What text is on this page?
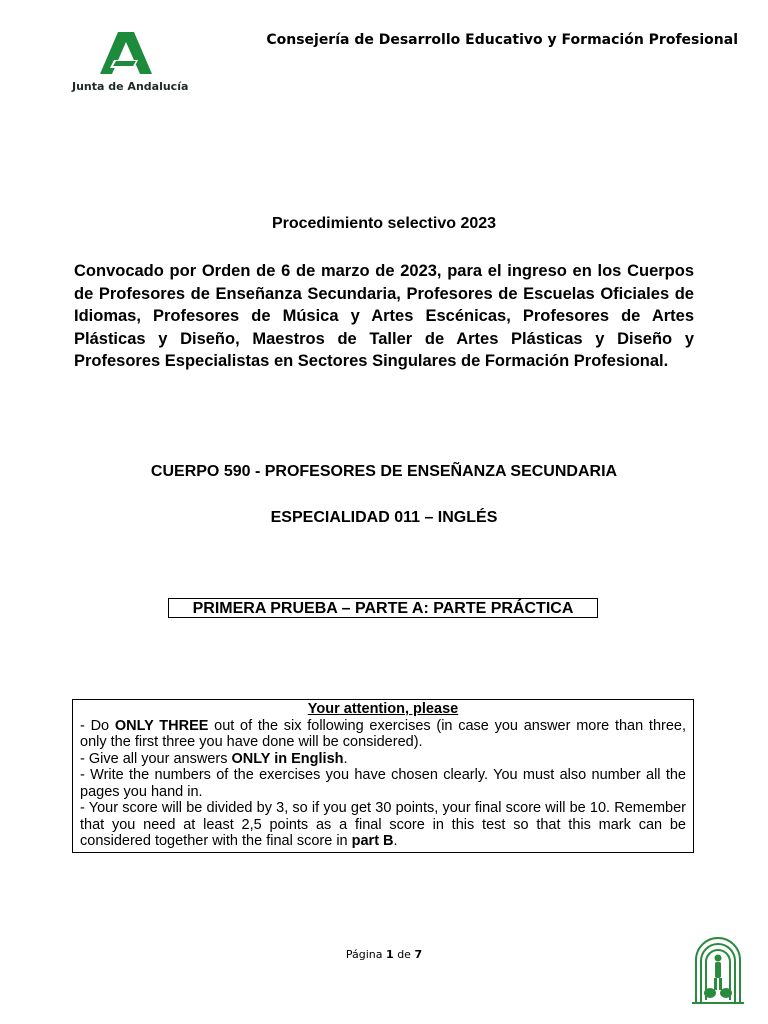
Junta de Andalucía
Consejería de Desarrollo Educativo y Formación Profesional
Procedimiento selectivo 2023
Convocado por Orden de 6 de marzo de 2023, para el ingreso en los Cuerpos de Profesores de Enseñanza Secundaria, Profesores de Escuelas Oficiales de Idiomas, Profesores de Música y Artes Escénicas, Profesores de Artes Plásticas y Diseño, Maestros de Taller de Artes Plásticas y Diseño y Profesores Especialistas en Sectores Singulares de Formación Profesional.
CUERPO 590 - PROFESORES DE ENSEÑANZA SECUNDARIA
ESPECIALIDAD 011 – INGLÉS
PRIMERA PRUEBA – PARTE A: PARTE PRÁCTICA
Your attention, please
- Do ONLY THREE out of the six following exercises (in case you answer more than three, only the first three you have done will be considered).
- Give all your answers ONLY in English.
- Write the numbers of the exercises you have chosen clearly. You must also number all the pages you hand in.
- Your score will be divided by 3, so if you get 30 points, your final score will be 10. Remember that you need at least 2,5 points as a final score in this test so that this mark can be considered together with the final score in part B.
Página 1 de 7
